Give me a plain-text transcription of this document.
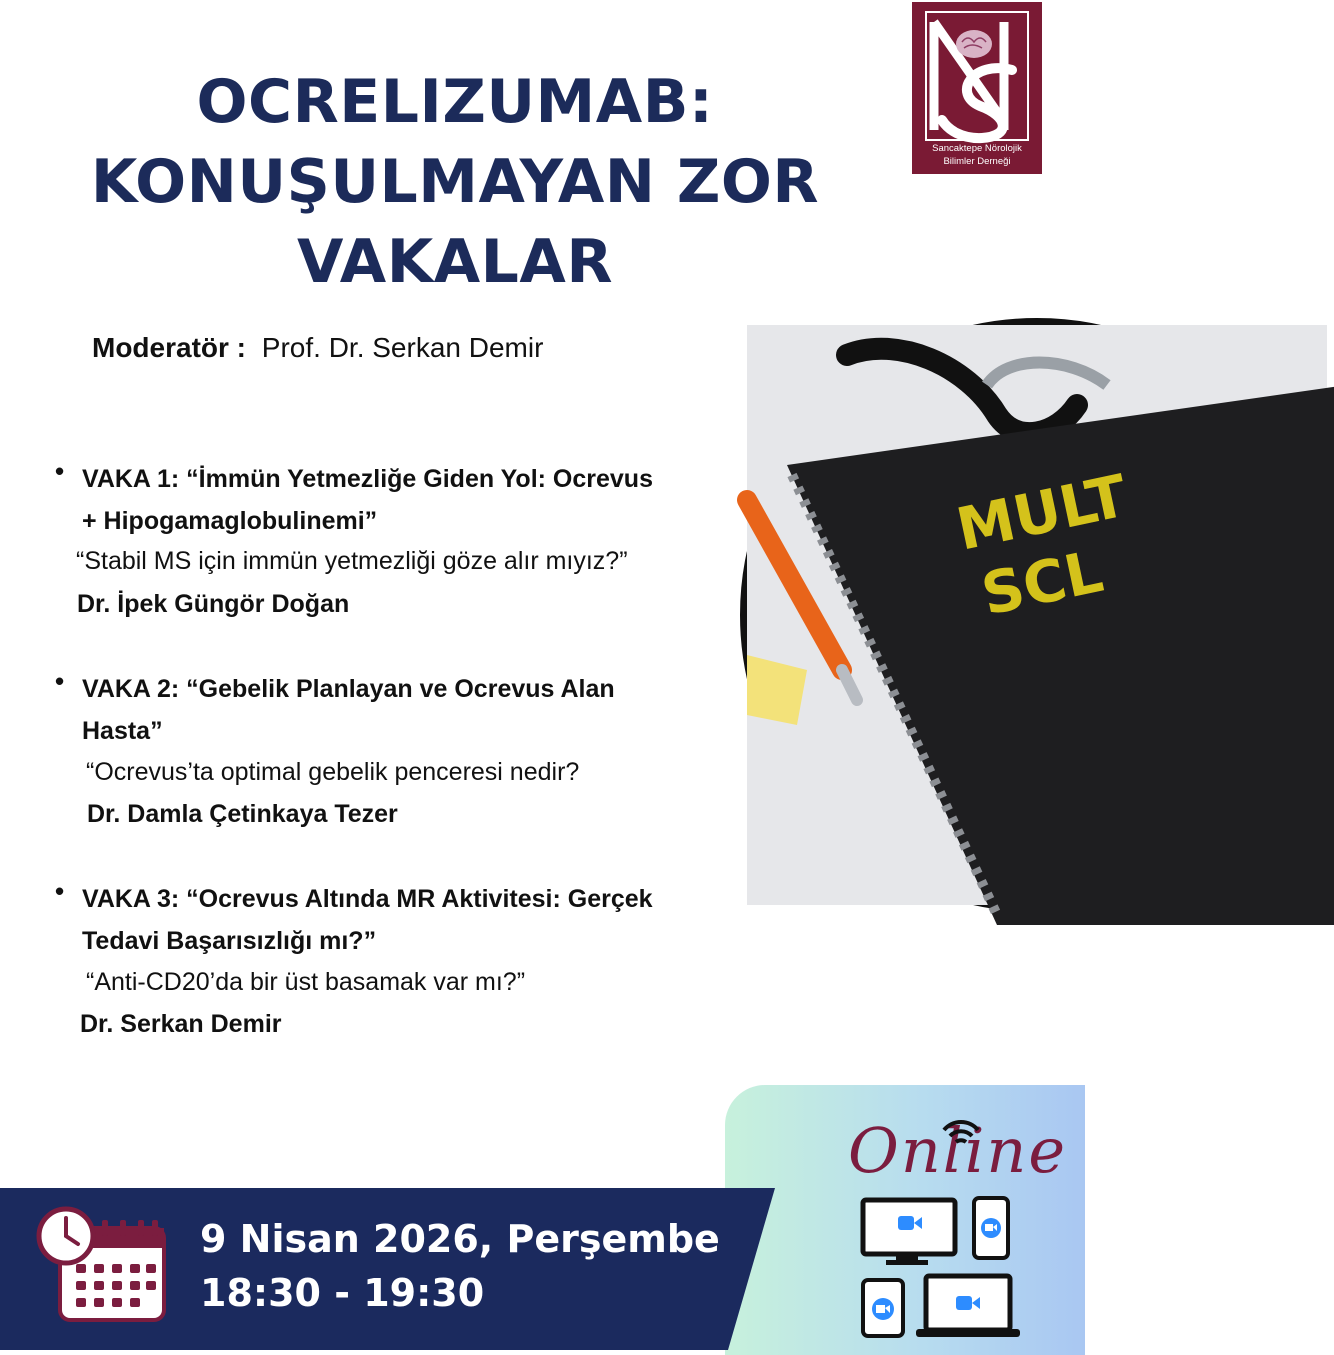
OCRELIZUMAB:
KONUŞULMAYAN ZOR
VAKALAR
Sancaktepe Nörolojik
Bilimler Derneği
Moderatör : Prof. Dr. Serkan Demir
MULT
SCL
• VAKA 1: “İmmün Yetmezliğe Giden Yol: Ocrevus
+ Hipogamaglobulinemi”
“Stabil MS için immün yetmezliği göze alır mıyız?”
Dr. İpek Güngör Doğan
• VAKA 2: “Gebelik Planlayan ve Ocrevus Alan
Hasta”
“Ocrevus’ta optimal gebelik penceresi nedir?
Dr. Damla Çetinkaya Tezer
• VAKA 3: “Ocrevus Altında MR Aktivitesi: Gerçek
Tedavi Başarısızlığı mı?”
“Anti-CD20’da bir üst basamak var mı?”
Dr. Serkan Demir
Online
9 Nisan 2026, Perşembe
18:30 - 19:30
